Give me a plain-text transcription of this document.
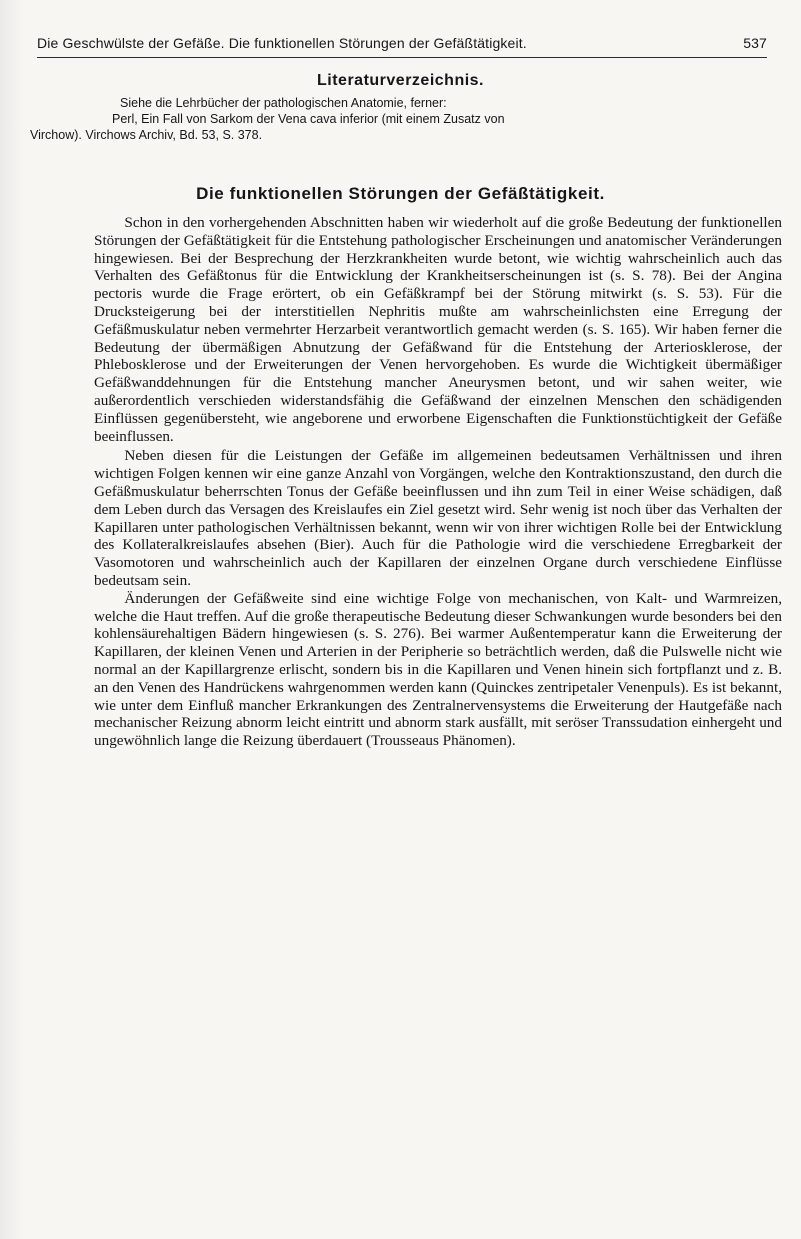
Die Geschwülste der Gefäße. Die funktionellen Störungen der Gefäßtätigkeit.	537
Literaturverzeichnis.

Siehe die Lehrbücher der pathologischen Anatomie, ferner:

Perl, Ein Fall von Sarkom der Vena cava inferior (mit einem Zusatz von

Virchow). Virchows Archiv, Bd. 53, S. 378.

Die funktionellen Störungen der Gefäßtätigkeit.

Schon in den vorhergehenden Abschnitten haben wir wiederholt auf die große Bedeutung der funktionellen Störungen der Gefäßtätigkeit für die Entstehung pathologischer Erscheinungen und anatomischer Veränderungen hingewiesen. Bei der Besprechung der Herzkrankheiten wurde betont, wie wichtig wahrscheinlich auch das Verhalten des Gefäßtonus für die Entwicklung der Krankheitserscheinungen ist (s. S. 78). Bei der Angina pectoris wurde die Frage erörtert, ob ein Gefäßkrampf bei der Störung mitwirkt (s. S. 53). Für die Drucksteigerung bei der interstitiellen Nephritis mußte am wahrscheinlichsten eine Erregung der Gefäßmuskulatur neben vermehrter Herzarbeit verantwortlich gemacht werden (s. S. 165). Wir haben ferner die Bedeutung der übermäßigen Abnutzung der Gefäßwand für die Entstehung der Arteriosklerose, der Phlebosklerose und der Erweiterungen der Venen hervorgehoben. Es wurde die Wichtigkeit übermäßiger Gefäßwanddehnungen für die Entstehung mancher Aneurysmen betont, und wir sahen weiter, wie außerordentlich verschieden widerstandsfähig die Gefäßwand der einzelnen Menschen den schädigenden Einflüssen gegenübersteht, wie angeborene und erworbene Eigenschaften die Funktionstüchtigkeit der Gefäße beeinflussen.

Neben diesen für die Leistungen der Gefäße im allgemeinen bedeutsamen Verhältnissen und ihren wichtigen Folgen kennen wir eine ganze Anzahl von Vorgängen, welche den Kontraktionszustand, den durch die Gefäßmuskulatur beherrschten Tonus der Gefäße beeinflussen und ihn zum Teil in einer Weise schädigen, daß dem Leben durch das Versagen des Kreislaufes ein Ziel gesetzt wird. Sehr wenig ist noch über das Verhalten der Kapillaren unter pathologischen Verhältnissen bekannt, wenn wir von ihrer wichtigen Rolle bei der Entwicklung des Kollateralkreislaufes absehen (Bier). Auch für die Pathologie wird die verschiedene Erregbarkeit der Vasomotoren und wahrscheinlich auch der Kapillaren der einzelnen Organe durch verschiedene Einflüsse bedeutsam sein.

Änderungen der Gefäßweite sind eine wichtige Folge von mechanischen, von Kalt- und Warmreizen, welche die Haut treffen. Auf die große therapeutische Bedeutung dieser Schwankungen wurde besonders bei den kohlensäurehaltigen Bädern hingewiesen (s. S. 276). Bei warmer Außentemperatur kann die Erweiterung der Kapillaren, der kleinen Venen und Arterien in der Peripherie so beträchtlich werden, daß die Pulswelle nicht wie normal an der Kapillargrenze erlischt, sondern bis in die Kapillaren und Venen hinein sich fortpflanzt und z. B. an den Venen des Handrückens wahrgenommen werden kann (Quinckes zentripetaler Venenpuls). Es ist bekannt, wie unter dem Einfluß mancher Erkrankungen des Zentralnervensystems die Erweiterung der Hautgefäße nach mechanischer Reizung abnorm leicht eintritt und abnorm stark ausfällt, mit seröser Transsudation einhergeht und ungewöhnlich lange die Reizung überdauert (Trousseaus Phänomen).
